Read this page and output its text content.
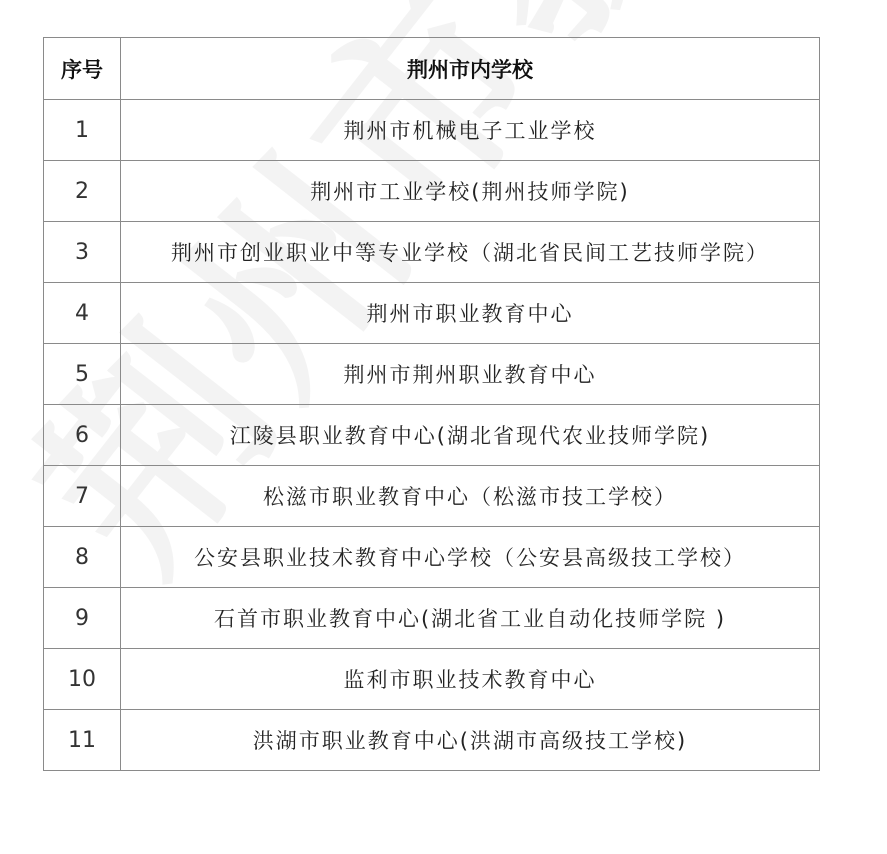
序号	荆州市内学校
1	荆州市机械电子工业学校
2	荆州市工业学校(荆州技师学院)
3	荆州市创业职业中等专业学校（湖北省民间工艺技师学院）
4	荆州市职业教育中心
5	荆州市荆州职业教育中心
6	江陵县职业教育中心(湖北省现代农业技师学院)
7	松滋市职业教育中心（松滋市技工学校）
8	公安县职业技术教育中心学校（公安县高级技工学校）
9	石首市职业教育中心(湖北省工业自动化技师学院 )
10	监利市职业技术教育中心
11	洪湖市职业教育中心(洪湖市高级技工学校)
